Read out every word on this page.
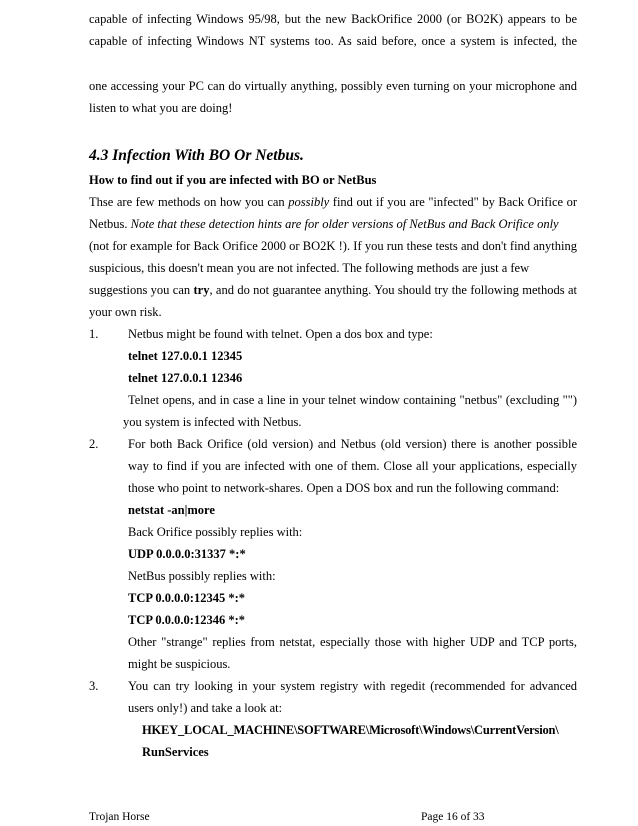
capable of infecting Windows 95/98, but the new BackOrifice 2000 (or BO2K) appears to be
capable of infecting Windows NT systems too. As said before, once a system is infected, the
one accessing your PC can do virtually anything, possibly even turning on your microphone and
listen to what you are doing!
4.3 Infection With BO Or Netbus.
How to find out if you are infected with BO or NetBus
Thse are few methods on how you can possibly find out if you are "infected" by Back Orifice or
Netbus. Note that these detection hints are for older versions of NetBus and Back Orifice only
(not for example for Back Orifice 2000 or BO2K !). If you run these tests and don't find anything
suspicious, this doesn't mean you are not infected. The following methods are just a few
suggestions you can try, and do not guarantee anything. You should try the following methods at
your own risk.
1. Netbus might be found with telnet. Open a dos box and type:
telnet 127.0.0.1 12345
telnet 127.0.0.1 12346
Telnet opens, and in case a line in your telnet window containing "netbus" (excluding "")
you system is infected with Netbus.
2. For both Back Orifice (old version) and Netbus (old version) there is another possible
way to find if you are infected with one of them. Close all your applications, especially
those who point to network-shares. Open a DOS box and run the following command:
netstat -an|more
Back Orifice possibly replies with:
UDP 0.0.0.0:31337 *:*
NetBus possibly replies with:
TCP 0.0.0.0:12345 *:*
TCP 0.0.0.0:12346 *:*
Other "strange" replies from netstat, especially those with higher UDP and TCP ports,
might be suspicious.
3. You can try looking in your system registry with regedit (recommended for advanced
users only!) and take a look at:
HKEY_LOCAL_MACHINE\SOFTWARE\Microsoft\Windows\CurrentVersion\
RunServices
Trojan Horse	Page 16 of 33
